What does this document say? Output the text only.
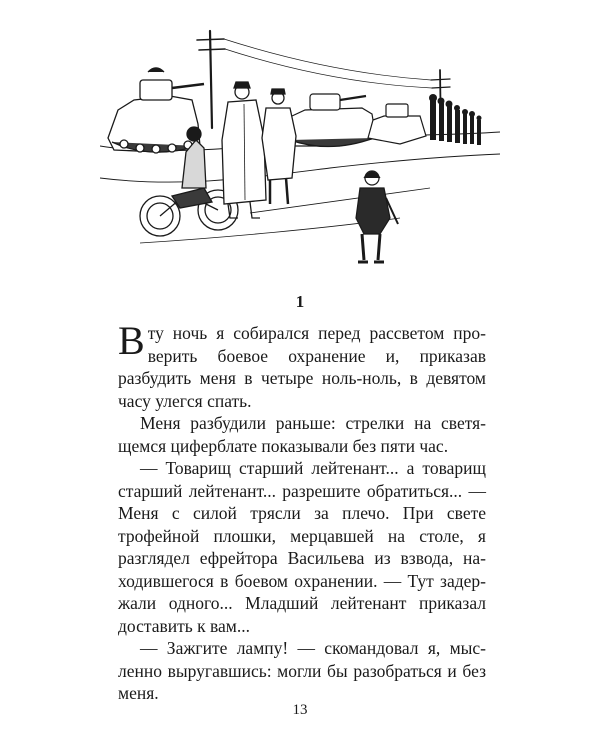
1

В ту ночь я собирался перед рассветом проверить боевое охранение и, приказав разбудить меня в четыре ноль-ноль, в девятом часу улегся спать.

Меня разбудили раньше: стрелки на светящемся циферблате показывали без пяти час.

— Товарищ старший лейтенант... а товарищ старший лейтенант... разрешите обратиться... — Меня с силой трясли за плечо. При свете трофейной плошки, мерцавшей на столе, я разглядел ефрейтора Васильева из взвода, находившегося в боевом охранении. — Тут задержали одного... Младший лейтенант приказал доставить к вам...

— Зажгите лампу! — скомандовал я, мысленно выругавшись: могли бы разобраться и без меня.

13
